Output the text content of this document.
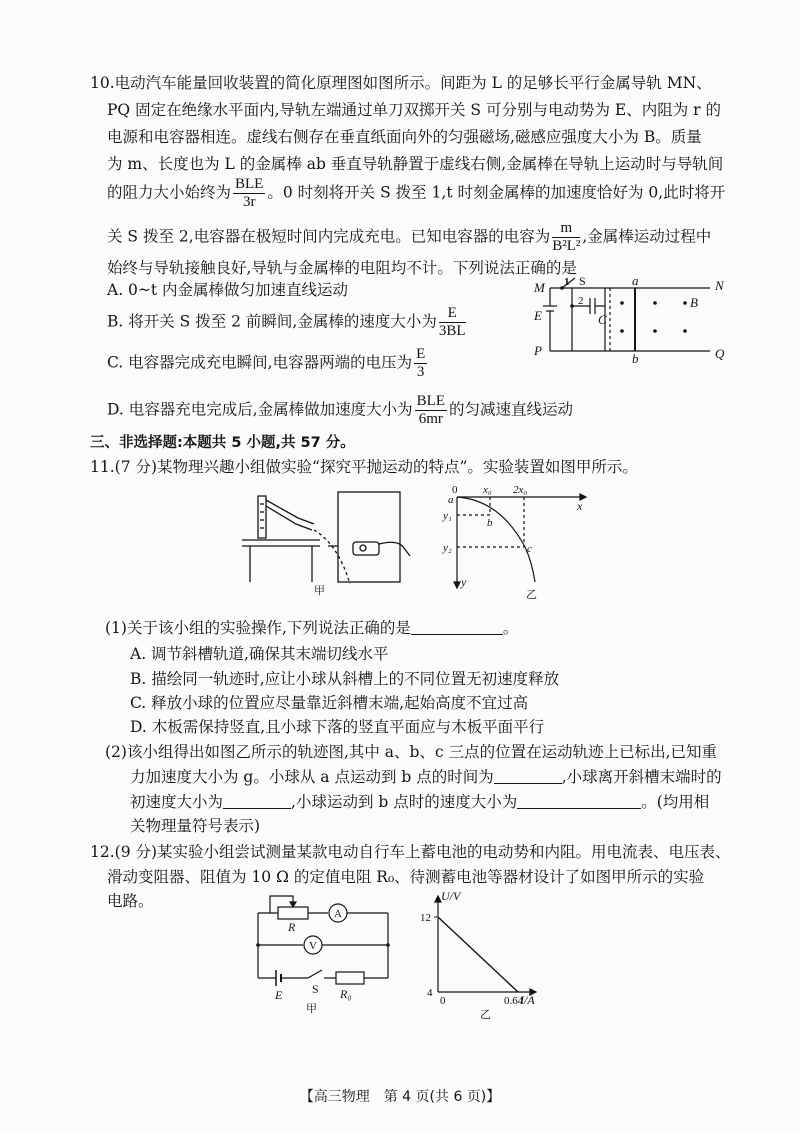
10.电动汽车能量回收装置的简化原理图如图所示。间距为 L 的足够长平行金属导轨 MN、
PQ 固定在绝缘水平面内,导轨左端通过单刀双掷开关 S 可分别与电动势为 E、内阻为 r 的
电源和电容器相连。虚线右侧存在垂直纸面向外的匀强磁场,磁感应强度大小为 B。质量
为 m、长度也为 L 的金属棒 ab 垂直导轨静置于虚线右侧,金属棒在导轨上运动时与导轨间
的阻力大小始终为 $\frac{\text{BLE}}{3r}$ 。0 时刻将开关 S 拨至 1,t 时刻金属棒的加速度恰好为 0,此时将开
关 S 拨至 2,电容器在极短时间内完成充电。已知电容器的电容为 $\frac{m}{\text{B²L²}}$ ,金属棒运动过程中
始终与导轨接触良好,导轨与金属棒的电阻均不计。下列说法正确的是
A. 0~t 内金属棒做匀加速直线运动
B. 将开关 S 拨至 2 前瞬间,金属棒的速度大小为 $\frac{E}{3BL}$
C. 电容器完成充电瞬间,电容器两端的电压为 $\frac{E}{3}$
D. 电容器充电完成后,金属棒做加速度大小为 $\frac{\text{BLE}}{6mr}$ 的匀减速直线运动
M	N
P	Q
S
1
2
E	C
a
b
B
三、非选择题:本题共 5 小题,共 57 分。
11.(7 分)某物理兴趣小组做实验“探究平抛运动的特点”。实验装置如图甲所示。
甲
0 x₀ 2x₀
x
y
y₁
y₂
a
b
c
乙
(1)关于该小组的实验操作,下列说法正确的是	。
A. 调节斜槽轨道,确保其末端切线水平
B. 描绘同一轨迹时,应让小球从斜槽上的不同位置无初速度释放
C. 释放小球的位置应尽量靠近斜槽末端,起始高度不宜过高
D. 木板需保持竖直,且小球下落的竖直平面应与木板平面平行
(2)该小组得出如图乙所示的轨迹图,其中 a、b、c 三点的位置在运动轨迹上已标出,已知重
力加速度大小为 g。小球从 a 点运动到 b 点的时间为	,小球离开斜槽末端时的
初速度大小为	,小球运动到 b 点时的速度大小为	。(均用相
关物理量符号表示)
12.(9 分)某实验小组尝试测量某款电动自行车上蓄电池的电动势和内阻。用电流表、电压表、
滑动变阻器、阻值为 10 Ω 的定值电阻 R₀、待测蓄电池等器材设计了如图甲所示的实验
电路。
A
V
R
E S R₀
甲
U/V
I/A
12
4
0	0.64
乙
【高三物理　第 4 页(共 6 页)】
